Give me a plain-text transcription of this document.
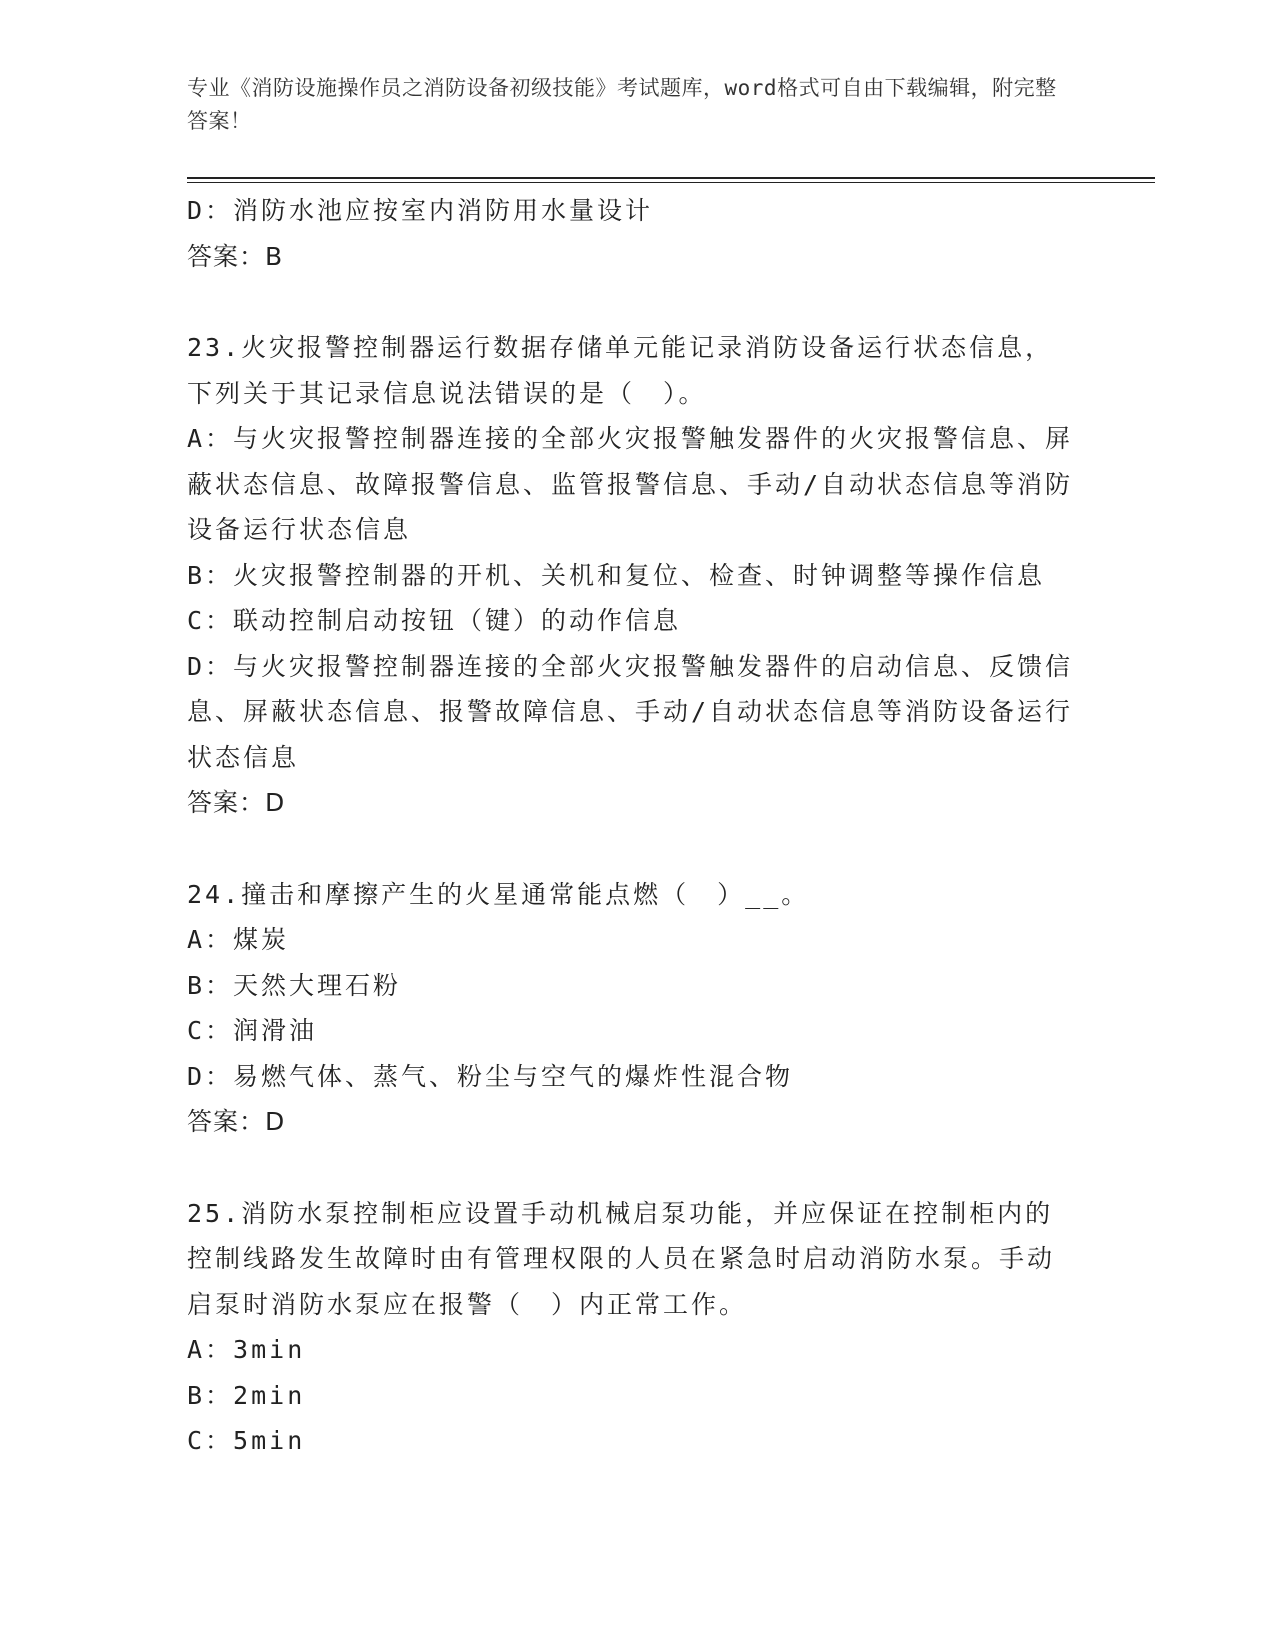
专业《消防设施操作员之消防设备初级技能》考试题库，word格式可自由下载编辑，附完整答案！
D：消防水池应按室内消防用水量设计
答案：B
23.火灾报警控制器运行数据存储单元能记录消防设备运行状态信息，下列关于其记录信息说法错误的是（　）。
A：与火灾报警控制器连接的全部火灾报警触发器件的火灾报警信息、屏蔽状态信息、故障报警信息、监管报警信息、手动/自动状态信息等消防设备运行状态信息
B：火灾报警控制器的开机、关机和复位、检查、时钟调整等操作信息
C：联动控制启动按钮（键）的动作信息
D：与火灾报警控制器连接的全部火灾报警触发器件的启动信息、反馈信息、屏蔽状态信息、报警故障信息、手动/自动状态信息等消防设备运行状态信息
答案：D
24.撞击和摩擦产生的火星通常能点燃（　）__。
A：煤炭
B：天然大理石粉
C：润滑油
D：易燃气体、蒸气、粉尘与空气的爆炸性混合物
答案：D
25.消防水泵控制柜应设置手动机械启泵功能，并应保证在控制柜内的控制线路发生故障时由有管理权限的人员在紧急时启动消防水泵。手动启泵时消防水泵应在报警（　）内正常工作。
A：3min
B：2min
C：5min
